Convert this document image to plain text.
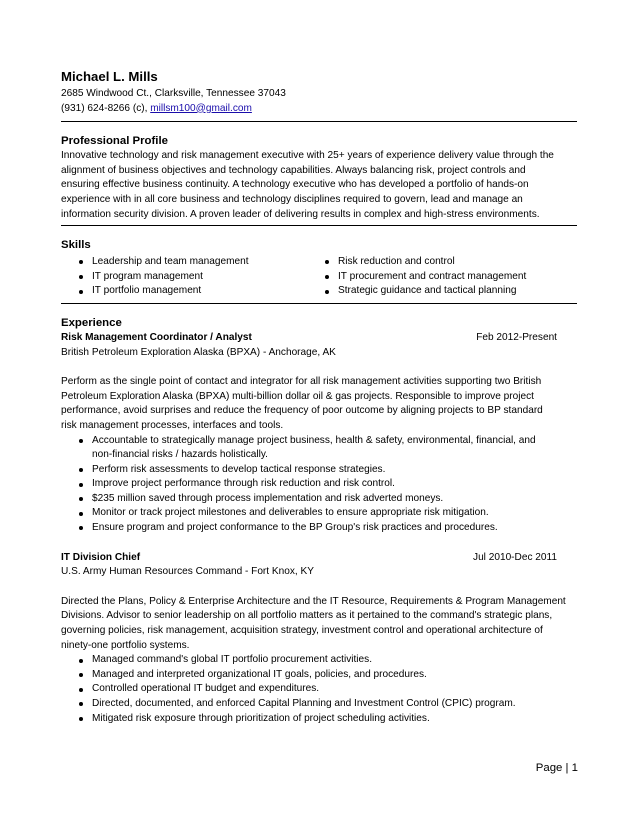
Michael L. Mills

2685 Windwood Ct., Clarksville, Tennessee 37043

(931) 624-8266 (c), millsm100@gmail.com

Professional Profile

Innovative technology and risk management executive with 25+ years of experience delivery value through the
alignment of business objectives and technology capabilities. Always balancing risk, project controls and
ensuring effective business continuity. A technology executive who has developed a portfolio of hands-on
experience with in all core business and technology disciplines required to govern, lead and manage an
information security division. A proven leader of delivering results in complex and high-stress environments.

Skills

Leadership and team management
IT program management
IT portfolio management
Risk reduction and control
IT procurement and contract management
Strategic guidance and tactical planning

Experience

Risk Management Coordinator / Analyst	Feb 2012-Present
British Petroleum Exploration Alaska (BPXA) - Anchorage, AK
Perform as the single point of contact and integrator for all risk management activities supporting two British
Petroleum Exploration Alaska (BPXA) multi-billion dollar oil & gas projects. Responsible to improve project
performance, avoid surprises and reduce the frequency of poor outcome by aligning projects to BP standard
risk management processes, interfaces and tools.
Accountable to strategically manage project business, health & safety, environmental, financial, and
non-financial risks / hazards holistically.
Perform risk assessments to develop tactical response strategies.
Improve project performance through risk reduction and risk control.
$235 million saved through process implementation and risk adverted moneys.
Monitor or track project milestones and deliverables to ensure appropriate risk mitigation.
Ensure program and project conformance to the BP Group's risk practices and procedures.
IT Division Chief	Jul 2010-Dec 2011
U.S. Army Human Resources Command - Fort Knox, KY
Directed the Plans, Policy & Enterprise Architecture and the IT Resource, Requirements & Program Management
Divisions. Advisor to senior leadership on all portfolio matters as it pertained to the command's strategic plans,
governing policies, risk management, acquisition strategy, investment control and operational architecture of
ninety-one portfolio systems.
Managed command's global IT portfolio procurement activities.
Managed and interpreted organizational IT goals, policies, and procedures.
Controlled operational IT budget and expenditures.
Directed, documented, and enforced Capital Planning and Investment Control (CPIC) program.
Mitigated risk exposure through prioritization of project scheduling activities.
Page | 1
